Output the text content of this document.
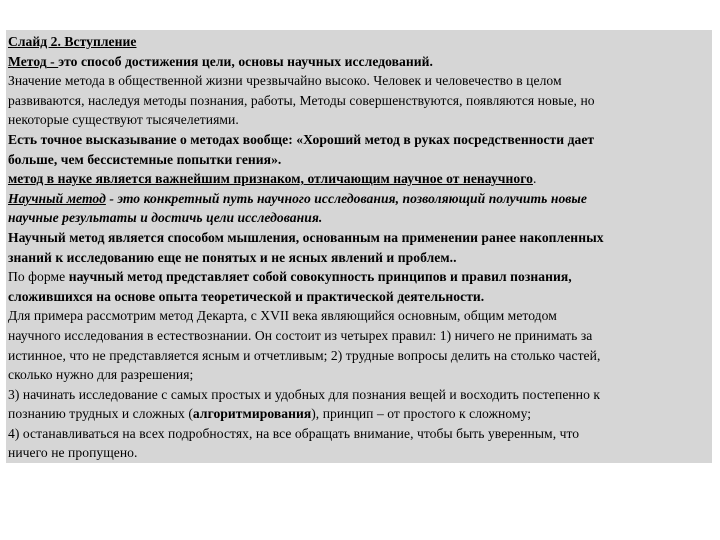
Слайд 2. Вступление
Метод - это способ достижения цели, основы научных исследований.
Значение метода в общественной жизни чрезвычайно высоко. Человек и человечество в целом
развиваются, наследуя методы познания, работы, Методы совершенствуются, появляются новые, но
некоторые существуют тысячелетиями.
Есть точное высказывание о методах вообще: «Хороший метод в руках посредственности дает
больше, чем бессистемные попытки гения».
метод в науке является важнейшим признаком, отличающим научное от ненаучного.
Научный метод - это конкретный путь научного исследования, позволяющий получить новые
научные результаты и достичь цели исследования.
Научный метод является способом мышления, основанным на применении ранее накопленных
знаний к исследованию еще не понятых и не ясных явлений и проблем..
По форме научный метод представляет собой совокупность принципов и правил познания,
сложившихся на основе опыта теоретической и практической деятельности.
Для примера рассмотрим метод Декарта, с XVII века являющийся основным, общим методом
научного исследования в естествознании. Он состоит из четырех правил: 1) ничего не принимать за
истинное, что не представляется ясным и отчетливым; 2) трудные вопросы делить на столько частей,
сколько нужно для разрешения;
3) начинать исследование с самых простых и удобных для познания вещей и восходить постепенно к
познанию трудных и сложных (алгоритмирования), принцип – от простого к сложному;
4) останавливаться на всех подробностях, на все обращать внимание, чтобы быть уверенным, что
ничего не пропущено.
